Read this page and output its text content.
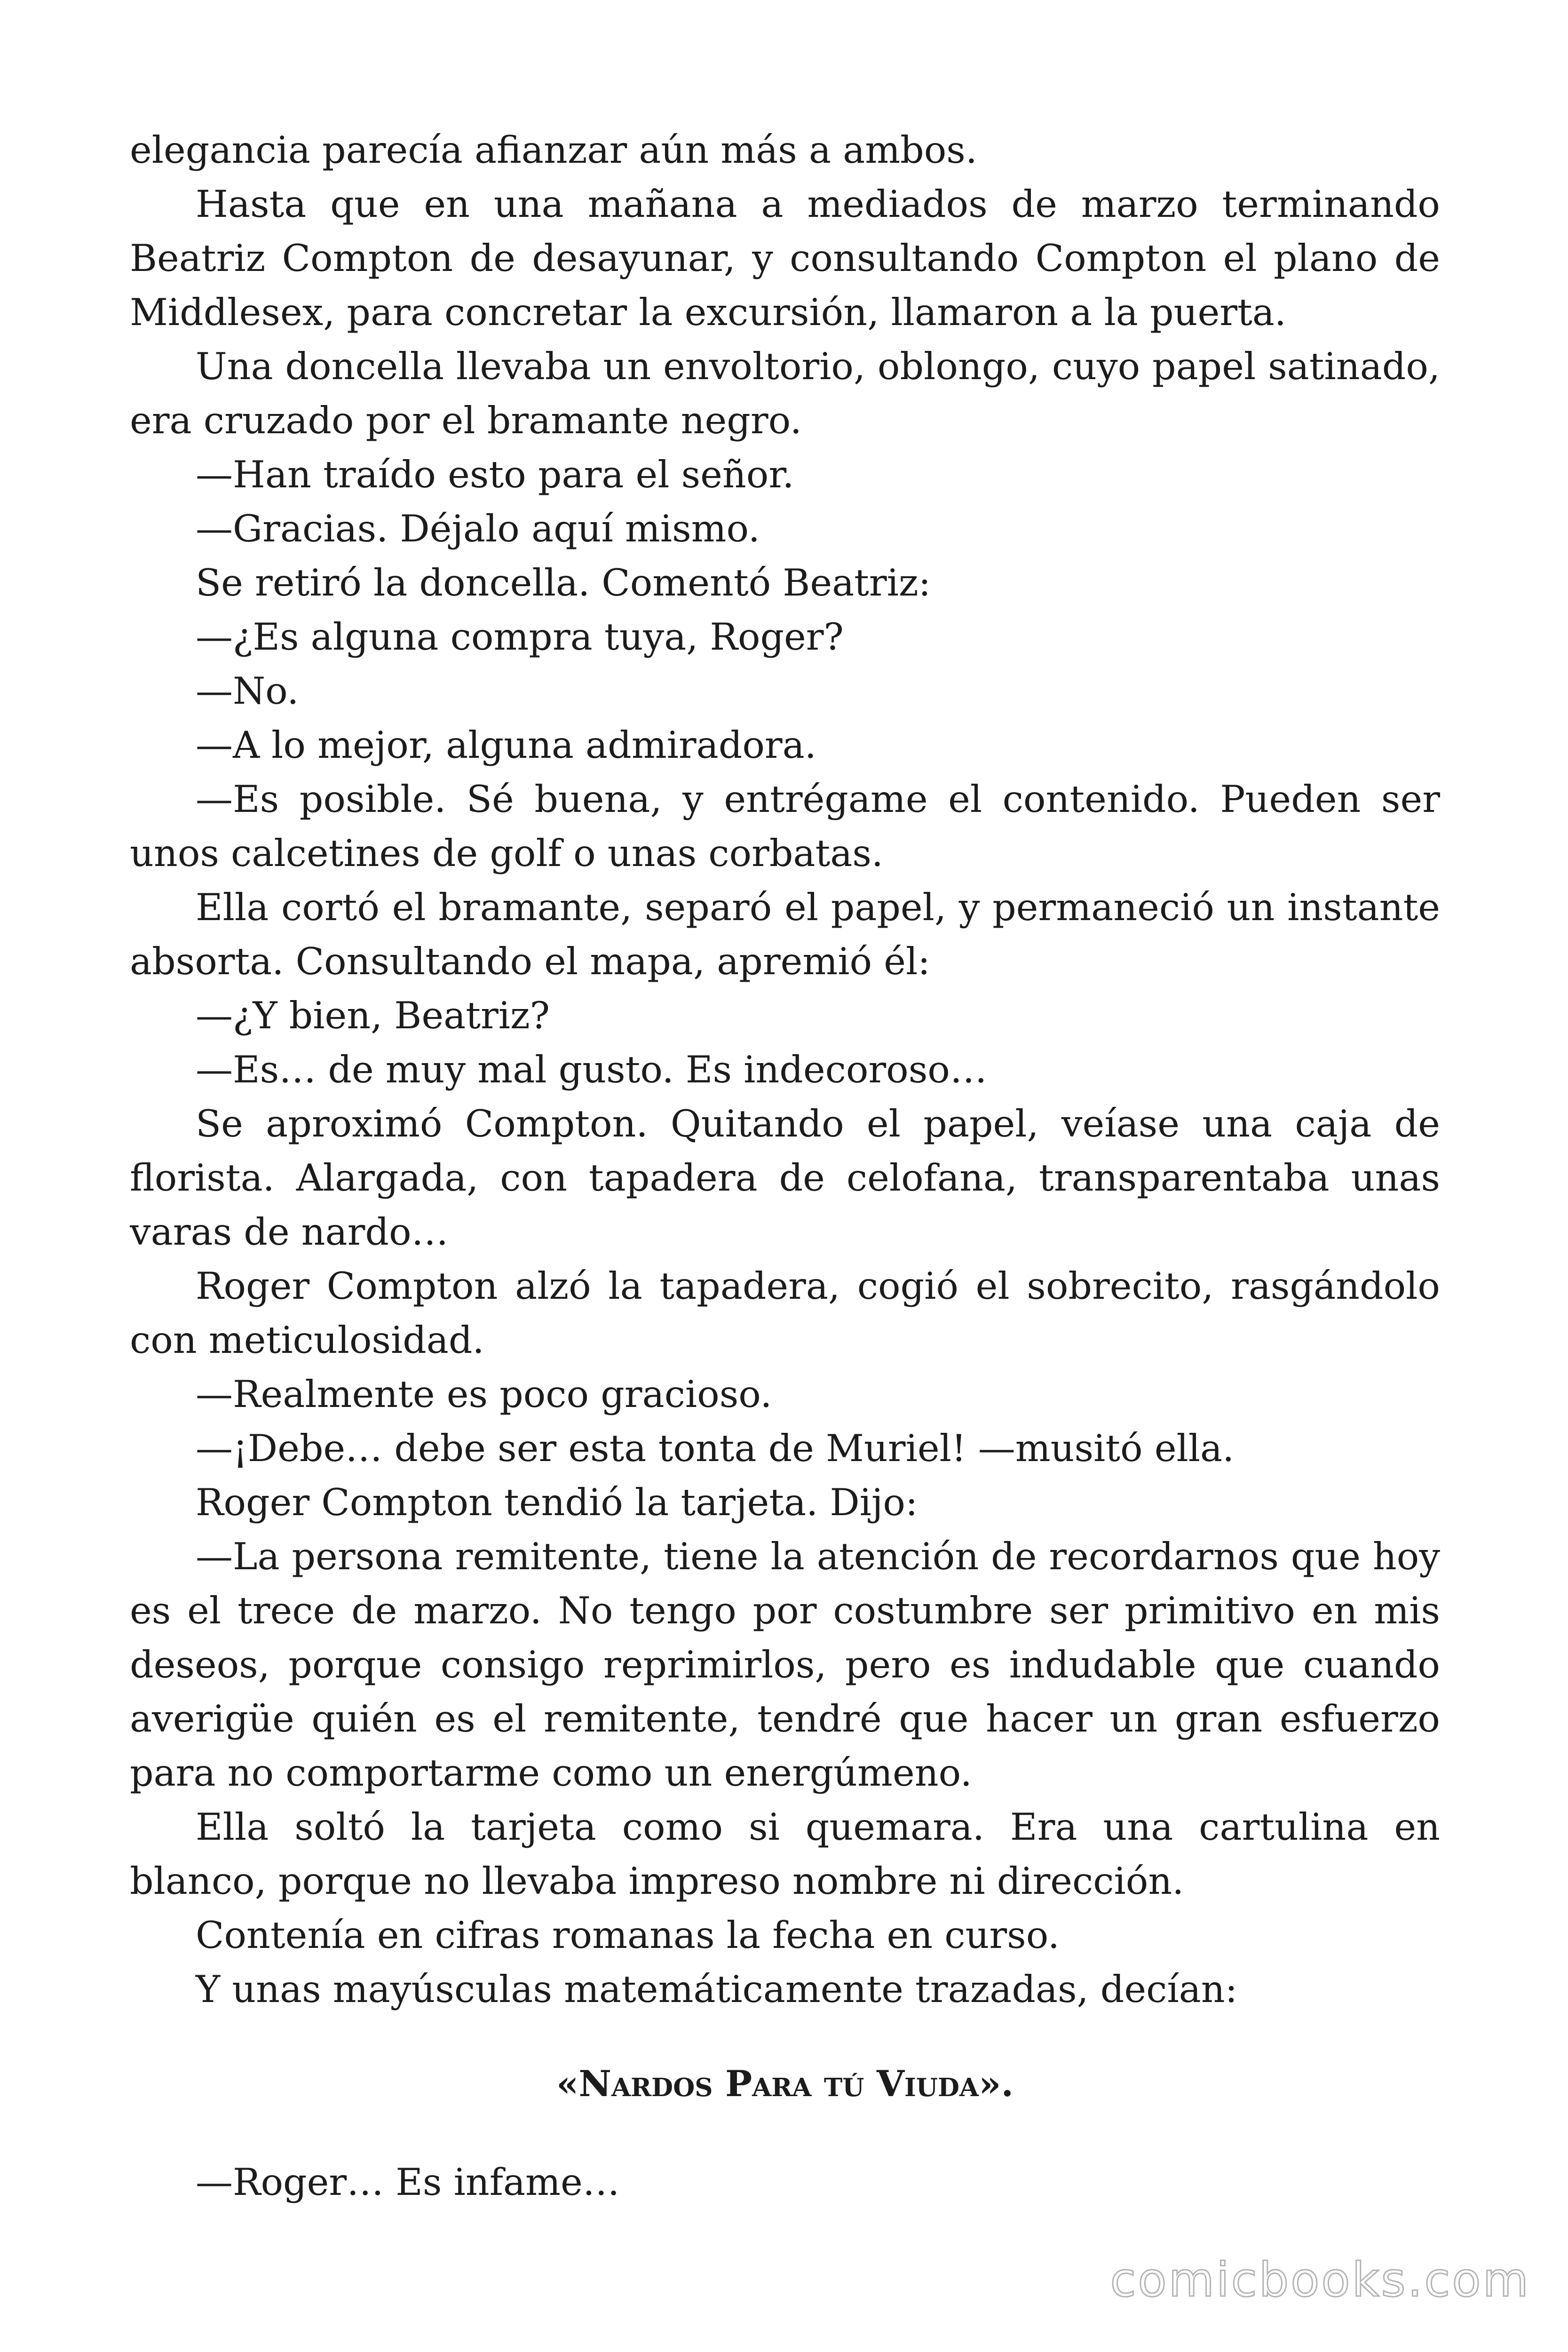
elegancia parecía afianzar aún más a ambos.

Hasta que en una mañana a mediados de marzo terminando Beatriz Compton de desayunar, y consultando Compton el plano de Middlesex, para concretar la excursión, llamaron a la puerta.

Una doncella llevaba un envoltorio, oblongo, cuyo papel satinado, era cruzado por el bramante negro.

—Han traído esto para el señor.

—Gracias. Déjalo aquí mismo.

Se retiró la doncella. Comentó Beatriz:

—¿Es alguna compra tuya, Roger?

—No.

—A lo mejor, alguna admiradora.

—Es posible. Sé buena, y entrégame el contenido. Pueden ser unos calcetines de golf o unas corbatas.

Ella cortó el bramante, separó el papel, y permaneció un instante absorta. Consultando el mapa, apremió él:

—¿Y bien, Beatriz?

—Es… de muy mal gusto. Es indecoroso…

Se aproximó Compton. Quitando el papel, veíase una caja de florista. Alargada, con tapadera de celofana, transparentaba unas varas de nardo…

Roger Compton alzó la tapadera, cogió el sobrecito, rasgándolo con meticulosidad.

—Realmente es poco gracioso.

—¡Debe… debe ser esta tonta de Muriel! —musitó ella.

Roger Compton tendió la tarjeta. Dijo:

—La persona remitente, tiene la atención de recordarnos que hoy es el trece de marzo. No tengo por costumbre ser primitivo en mis deseos, porque consigo reprimirlos, pero es indudable que cuando averigüe quién es el remitente, tendré que hacer un gran esfuerzo para no comportarme como un energúmeno.

Ella soltó la tarjeta como si quemara. Era una cartulina en blanco, porque no llevaba impreso nombre ni dirección.

Contenía en cifras romanas la fecha en curso.

Y unas mayúsculas matemáticamente trazadas, decían:

«Nardos Para tú Viuda».

—Roger… Es infame…

comicbooks.com
